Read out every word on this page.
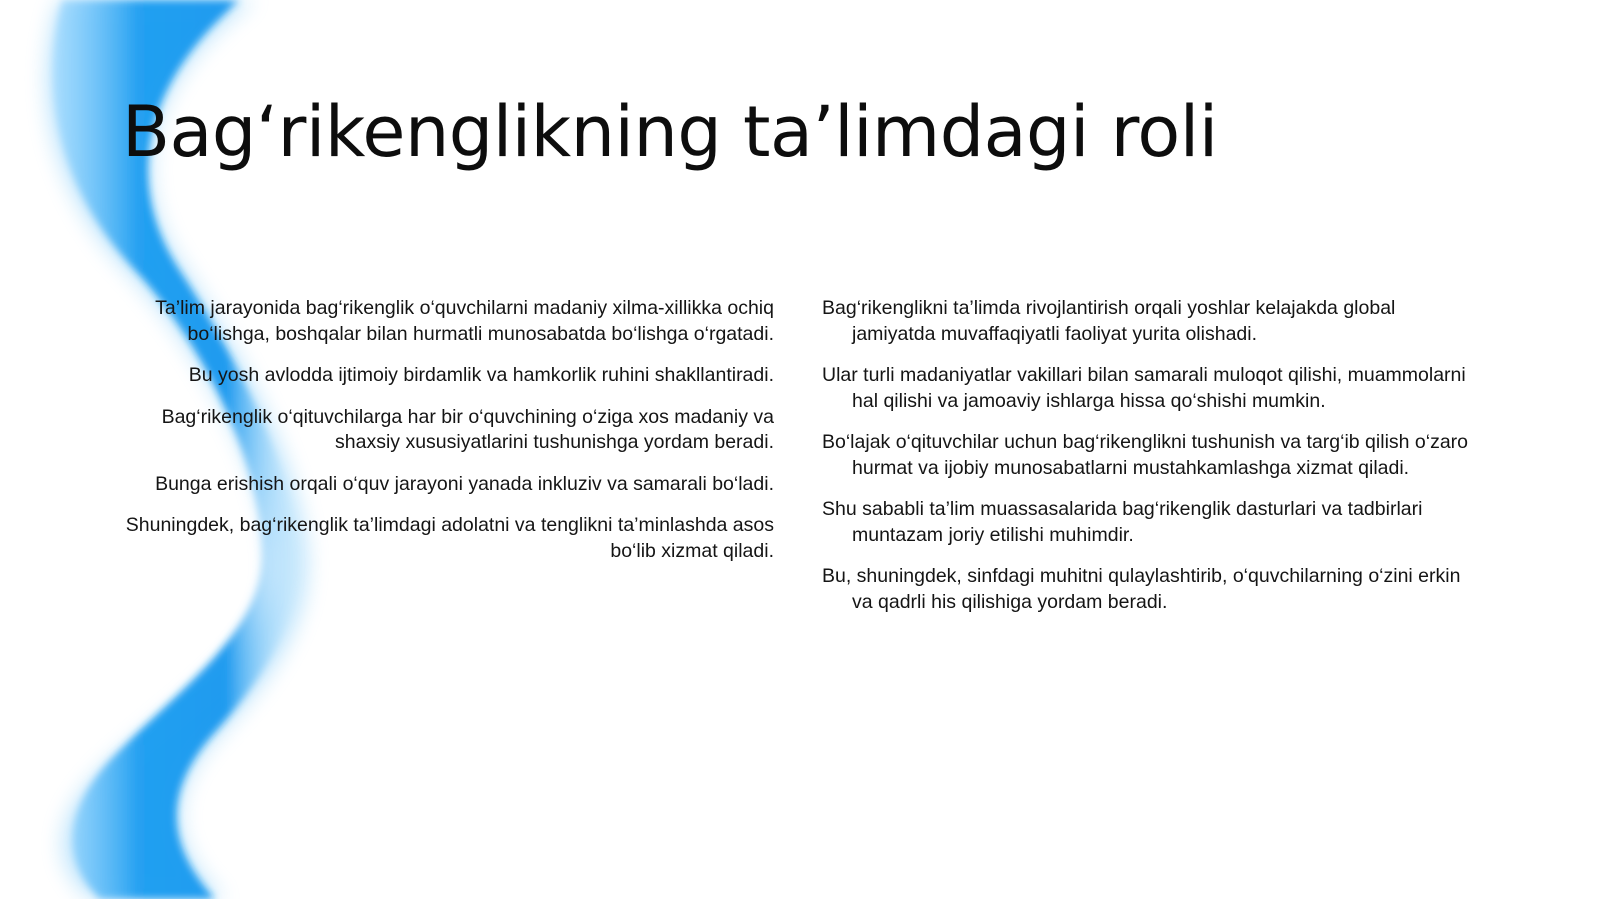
Bag‘rikenglikning ta’limdagi roli

Ta’lim jarayonida bag‘rikenglik o‘quvchilarni madaniy xilma-xillikka ochiq bo‘lishga, boshqalar bilan hurmatli munosabatda bo‘lishga o‘rgatadi.

Bu yosh avlodda ijtimoiy birdamlik va hamkorlik ruhini shakllantiradi.

Bag‘rikenglik o‘qituvchilarga har bir o‘quvchining o‘ziga xos madaniy va shaxsiy xususiyatlarini tushunishga yordam beradi.

Bunga erishish orqali o‘quv jarayoni yanada inkluziv va samarali bo‘ladi.

Shuningdek, bag‘rikenglik ta’limdagi adolatni va tenglikni ta’minlashda asos bo‘lib xizmat qiladi.

Bag‘rikenglikni ta’limda rivojlantirish orqali yoshlar kelajakda global jamiyatda muvaffaqiyatli faoliyat yurita olishadi.

Ular turli madaniyatlar vakillari bilan samarali muloqot qilishi, muammolarni hal qilishi va jamoaviy ishlarga hissa qo‘shishi mumkin.

Bo‘lajak o‘qituvchilar uchun bag‘rikenglikni tushunish va targ‘ib qilish o‘zaro hurmat va ijobiy munosabatlarni mustahkamlashga xizmat qiladi.

Shu sababli ta’lim muassasalarida bag‘rikenglik dasturlari va tadbirlari muntazam joriy etilishi muhimdir.

Bu, shuningdek, sinfdagi muhitni qulaylashtirib, o‘quvchilarning o‘zini erkin va qadrli his qilishiga yordam beradi.
